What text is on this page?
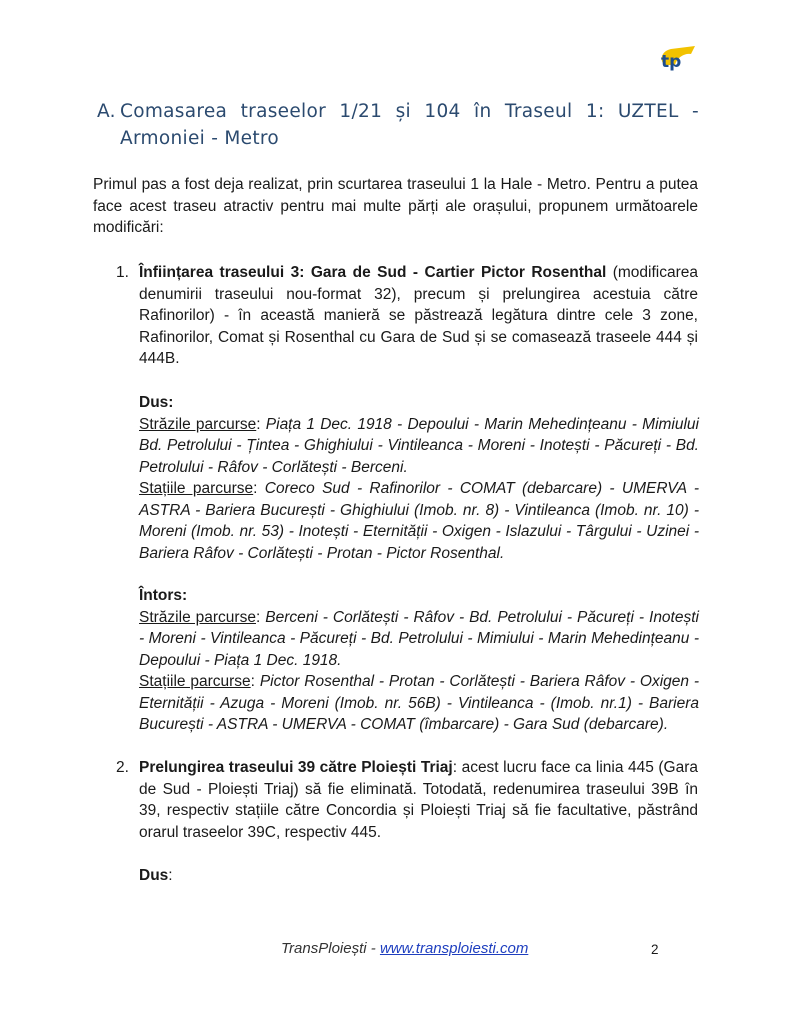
tp
A. Comasarea traseelor 1/21 și 104 în Traseul 1: UZTEL - Armoniei - Metro
Primul pas a fost deja realizat, prin scurtarea traseului 1 la Hale - Metro. Pentru a putea face acest traseu atractiv pentru mai multe părți ale orașului, propunem următoarele modificări:
1. Înființarea traseului 3: Gara de Sud - Cartier Pictor Rosenthal (modificarea denumirii traseului nou-format 32), precum și prelungirea acestuia către Rafinorilor) - în această manieră se păstrează legătura dintre cele 3 zone, Rafinorilor, Comat și Rosenthal cu Gara de Sud și se comasează traseele 444 și 444B.
Dus:
Străzile parcurse: Piața 1 Dec. 1918 - Depoului - Marin Mehedințeanu - Mimiului Bd. Petrolului - Țintea - Ghighiului - Vintileanca - Moreni - Inotești - Păcureți - Bd. Petrolului - Râfov - Corlătești - Berceni.
Stațiile parcurse: Coreco Sud - Rafinorilor - COMAT (debarcare) - UMERVA - ASTRA - Bariera București - Ghighiului (Imob. nr. 8) - Vintileanca (Imob. nr. 10) - Moreni (Imob. nr. 53) - Inotești - Eternității - Oxigen - Islazului - Târgului - Uzinei - Bariera Râfov - Corlătești - Protan - Pictor Rosenthal.
Întors:
Străzile parcurse: Berceni - Corlătești - Râfov - Bd. Petrolului - Păcureți - Inotești - Moreni - Vintileanca - Păcureți - Bd. Petrolului - Mimiului - Marin Mehedințeanu - Depoului - Piața 1 Dec. 1918.
Stațiile parcurse: Pictor Rosenthal - Protan - Corlătești - Bariera Râfov - Oxigen - Eternității - Azuga - Moreni (Imob. nr. 56B) - Vintileanca - (Imob. nr.1) - Bariera București - ASTRA - UMERVA - COMAT (îmbarcare) - Gara Sud (debarcare).
2. Prelungirea traseului 39 către Ploiești Triaj: acest lucru face ca linia 445 (Gara de Sud - Ploiești Triaj) să fie eliminată. Totodată, redenumirea traseului 39B în 39, respectiv stațiile către Concordia și Ploiești Triaj să fie facultative, păstrând orarul traseelor 39C, respectiv 445.
Dus:
TransPloiești - www.transploiesti.com	2
